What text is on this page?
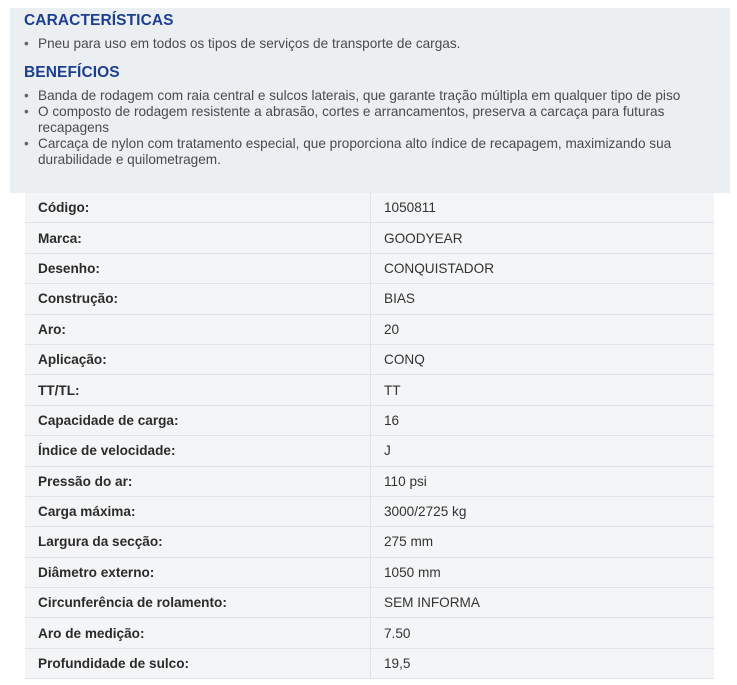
CARACTERÍSTICAS
• Pneu para uso em todos os tipos de serviços de transporte de cargas.
BENEFÍCIOS
• Banda de rodagem com raia central e sulcos laterais, que garante tração múltipla em qualquer tipo de piso
• O composto de rodagem resistente a abrasão, cortes e arrancamentos, preserva a carcaça para futuras recapagens
• Carcaça de nylon com tratamento especial, que proporciona alto índice de recapagem, maximizando sua durabilidade e quilometragem.
Código:	1050811
Marca:	GOODYEAR
Desenho:	CONQUISTADOR
Construção:	BIAS
Aro:	20
Aplicação:	CONQ
TT/TL:	TT
Capacidade de carga:	16
Índice de velocidade:	J
Pressão do ar:	110 psi
Carga máxima:	3000/2725 kg
Largura da secção:	275 mm
Diâmetro externo:	1050 mm
Circunferência de rolamento:	SEM INFORMA
Aro de medição:	7.50
Profundidade de sulco:	19,5
